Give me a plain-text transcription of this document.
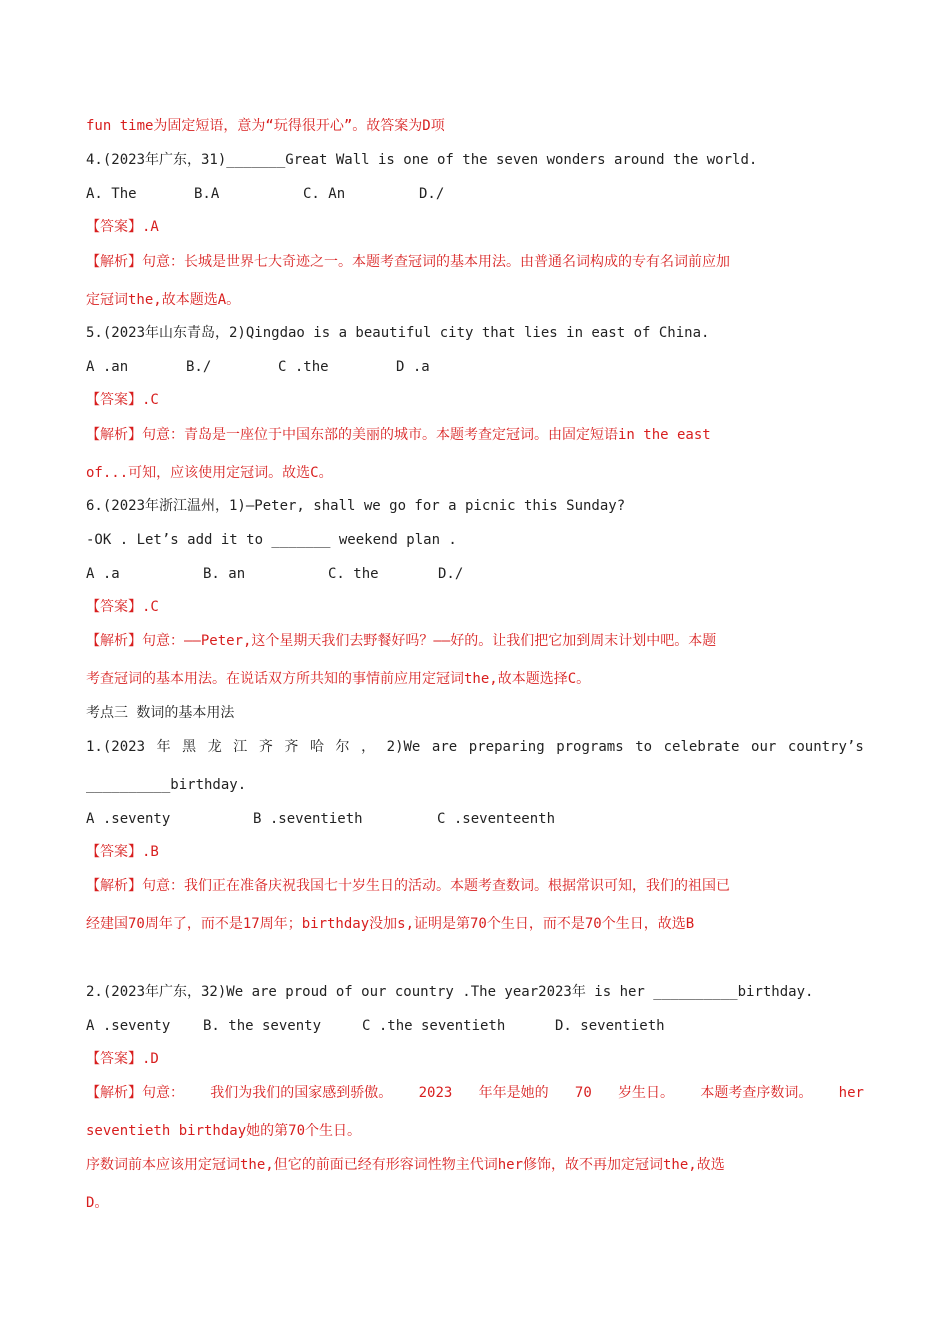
fun time为固定短语，意为“玩得很开心”。故答案为D项
4.(2023年广东，31)_______Great Wall is one of the seven wonders around the world.
A. The	B.A	C. An	D./
【答案】.A
【解析】句意：长城是世界七大奇迹之一。本题考查冠词的基本用法。由普通名词构成的专有名词前应加
定冠词the,故本题选A。
5.(2023年山东青岛，2)Qingdao is a beautiful city that lies in east of China.
A .an	B./	C .the	D .a
【答案】.C
【解析】句意：青岛是一座位于中国东部的美丽的城市。本题考查定冠词。由固定短语in the east
of...可知，应该使用定冠词。故选C。
6.(2023年浙江温州，1)—Peter, shall we go for a picnic this Sunday?
-OK . Let’s add it to _______ weekend plan .
A .a	B. an	C. the	D./
【答案】.C
【解析】句意：——Peter,这个星期天我们去野餐好吗？——好的。让我们把它加到周末计划中吧。本题
考查冠词的基本用法。在说话双方所共知的事情前应用定冠词the,故本题选择C。
考点三 数词的基本用法
1.(2023 年 黑 龙 江 齐 齐 哈 尔 ， 2)We are preparing programs to celebrate our country’s
__________birthday.
A .seventy	B .seventieth	C .seventeenth
【答案】.B
【解析】句意：我们正在准备庆祝我国七十岁生日的活动。本题考查数词。根据常识可知，我们的祖国已
经建国70周年了，而不是17周年；birthday没加s,证明是第70个生日，而不是70个生日，故选B
2.(2023年广东，32)We are proud of our country .The year2023年 is her __________birthday.
A .seventy B. the seventy	C .the seventieth	D. seventieth
【答案】.D
【解析】句意： 我们为我们的国家感到骄傲。 2023 年年是她的 70 岁生日。 本题考查序数词。 her
seventieth birthday她的第70个生日。
序数词前本应该用定冠词the,但它的前面已经有形容词性物主代词her修饰，故不再加定冠词the,故选
D。
